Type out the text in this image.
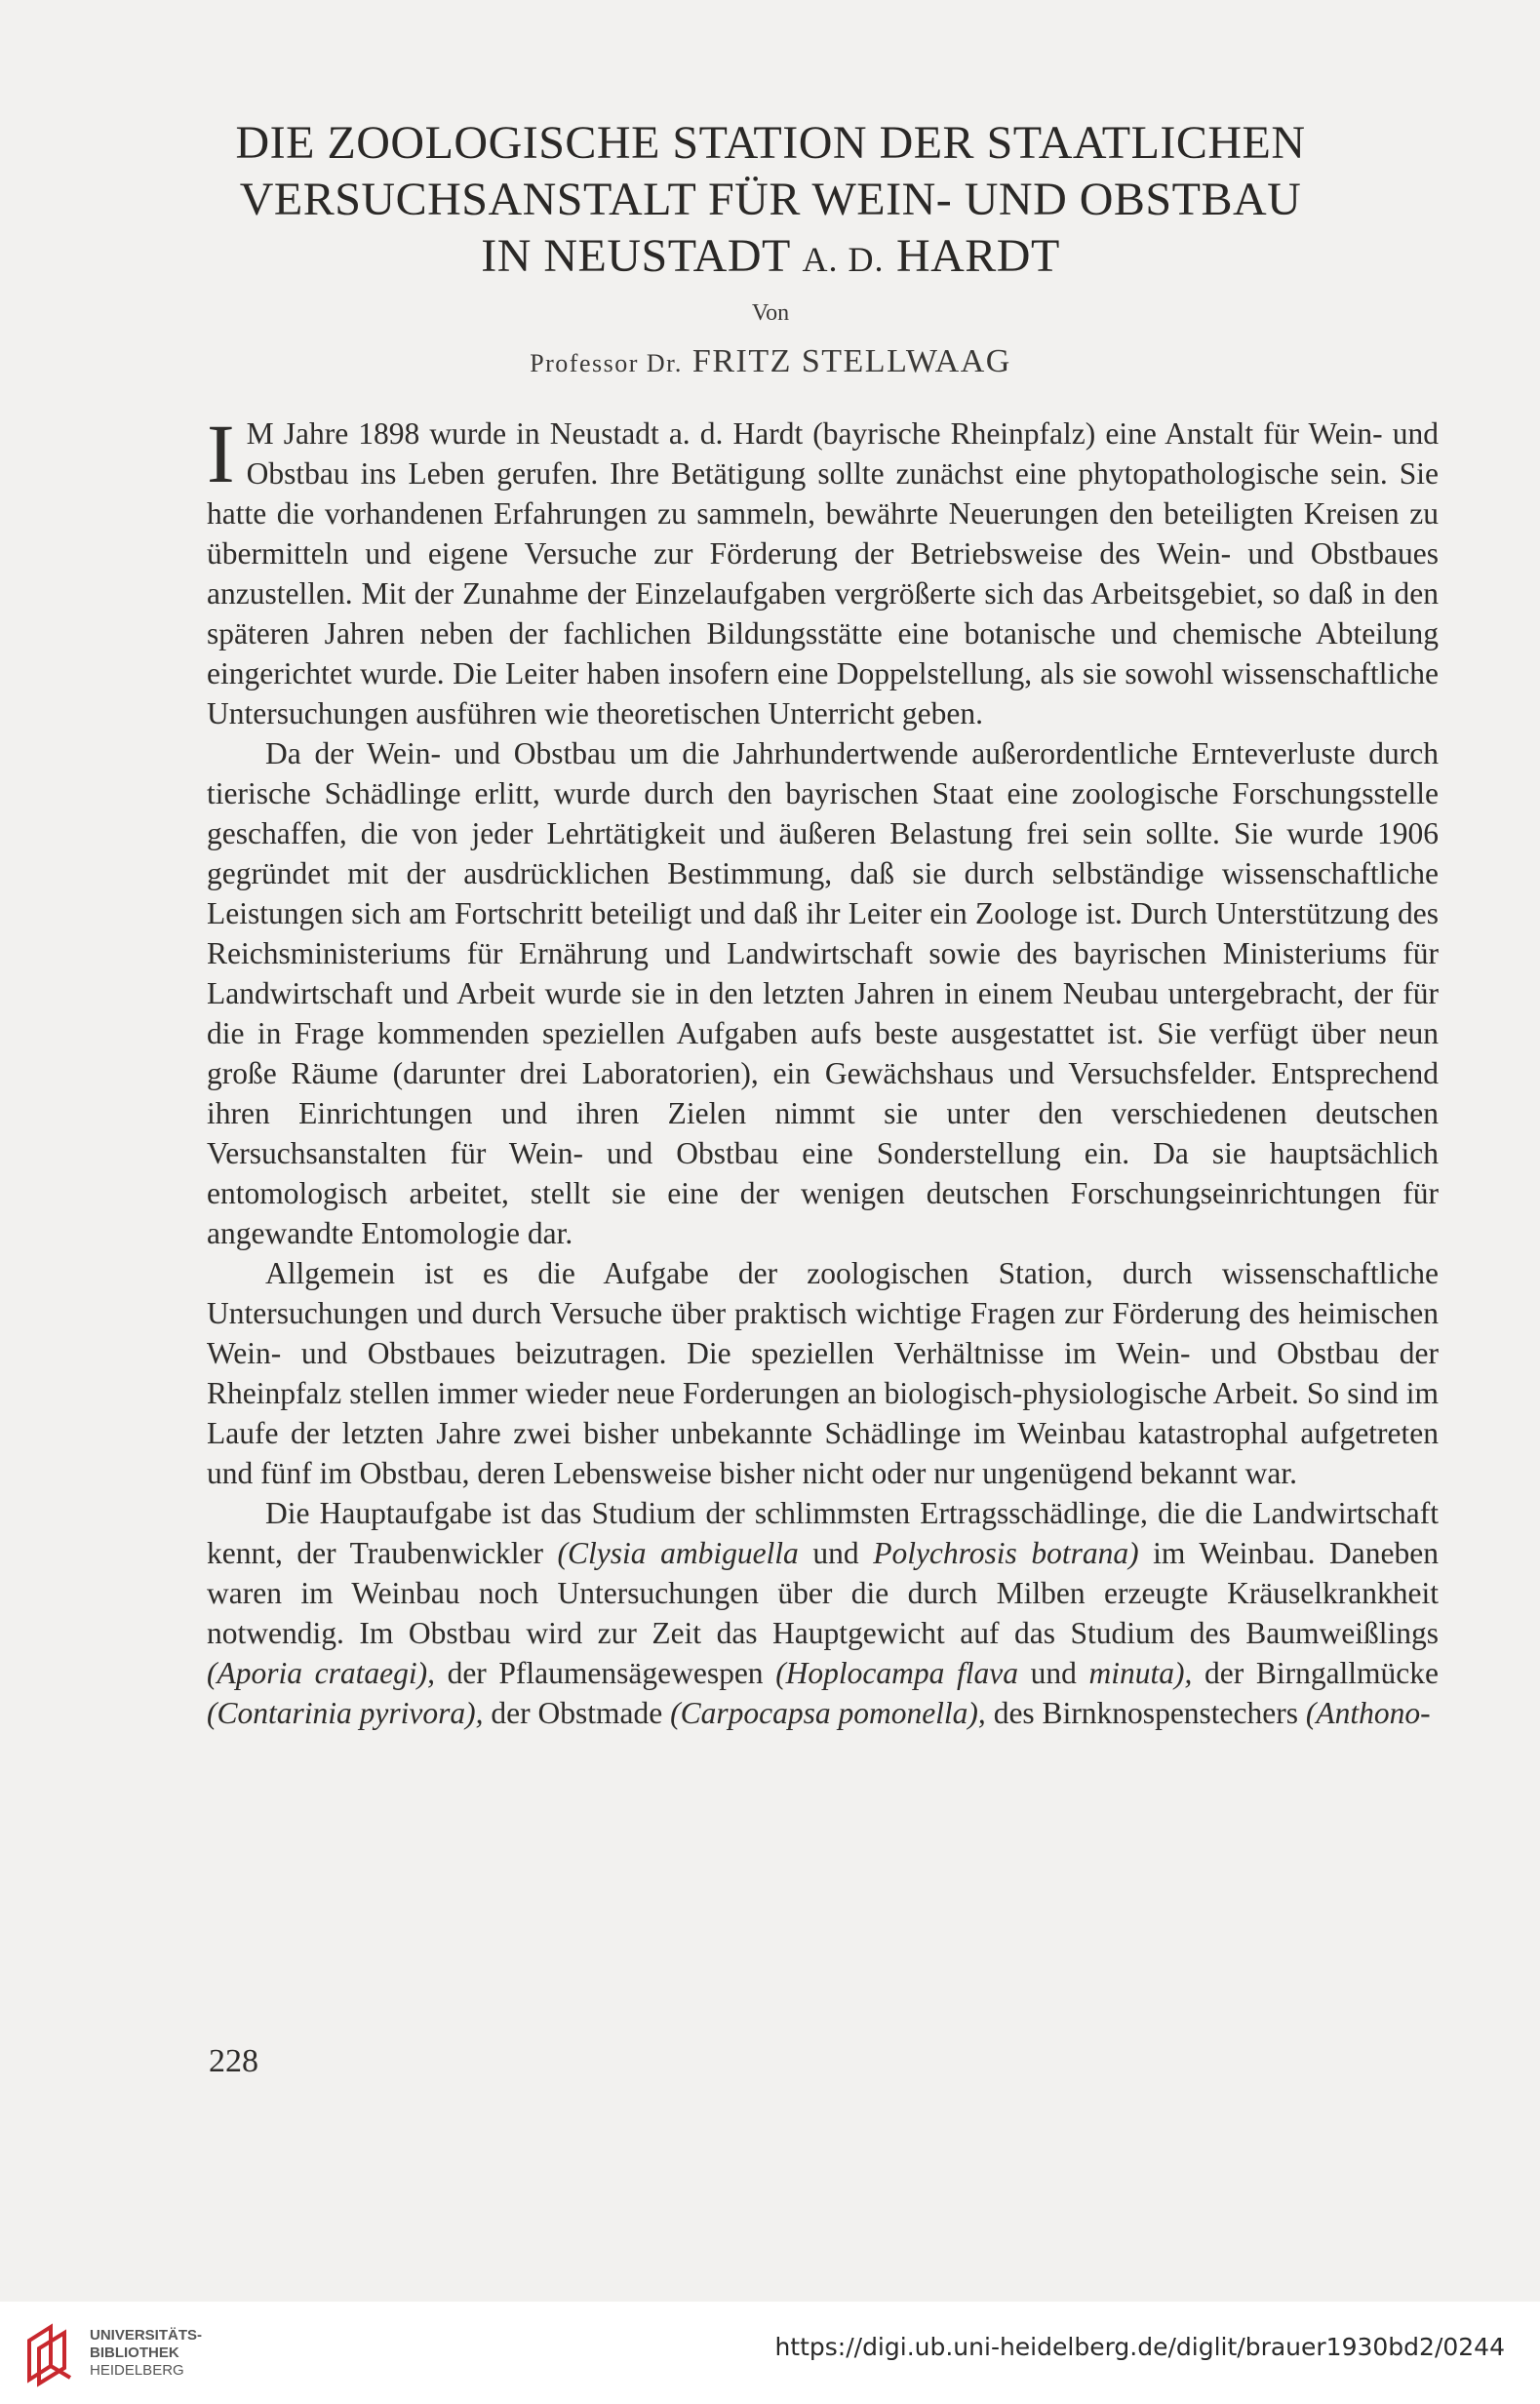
DIE ZOOLOGISCHE STATION DER STAATLICHEN
VERSUCHSANSTALT FÜR WEIN- UND OBSTBAU
IN NEUSTADT A. D. HARDT
Von
Professor Dr. FRITZ STELLWAAG

I M Jahre 1898 wurde in Neustadt a. d. Hardt (bayrische Rheinpfalz) eine Anstalt für Wein- und Obstbau ins Leben gerufen. Ihre Betätigung sollte zunächst eine phytopathologische sein. Sie hatte die vorhandenen Erfahrungen zu sammeln, bewährte Neuerungen den beteiligten Kreisen zu übermitteln und eigene Versuche zur Förderung der Betriebsweise des Wein- und Obstbaues anzustellen. Mit der Zunahme der Einzelaufgaben vergrößerte sich das Arbeitsgebiet, so daß in den späteren Jahren neben der fachlichen Bildungsstätte eine botanische und chemische Abteilung eingerichtet wurde. Die Leiter haben insofern eine Doppelstellung, als sie sowohl wissenschaftliche Untersuchungen ausführen wie theoretischen Unterricht geben.

Da der Wein- und Obstbau um die Jahrhundertwende außerordentliche Ernteverluste durch tierische Schädlinge erlitt, wurde durch den bayrischen Staat eine zoologische Forschungsstelle geschaffen, die von jeder Lehrtätigkeit und äußeren Belastung frei sein sollte. Sie wurde 1906 gegründet mit der ausdrücklichen Bestimmung, daß sie durch selbständige wissenschaftliche Leistungen sich am Fortschritt beteiligt und daß ihr Leiter ein Zoologe ist. Durch Unterstützung des Reichsministeriums für Ernährung und Landwirtschaft sowie des bayrischen Ministeriums für Landwirtschaft und Arbeit wurde sie in den letzten Jahren in einem Neubau untergebracht, der für die in Frage kommenden speziellen Aufgaben aufs beste ausgestattet ist. Sie verfügt über neun große Räume (darunter drei Laboratorien), ein Gewächshaus und Versuchsfelder. Entsprechend ihren Einrichtungen und ihren Zielen nimmt sie unter den verschiedenen deutschen Versuchsanstalten für Wein- und Obstbau eine Sonderstellung ein. Da sie hauptsächlich entomologisch arbeitet, stellt sie eine der wenigen deutschen Forschungseinrichtungen für angewandte Entomologie dar.

Allgemein ist es die Aufgabe der zoologischen Station, durch wissenschaftliche Untersuchungen und durch Versuche über praktisch wichtige Fragen zur Förderung des heimischen Wein- und Obstbaues beizutragen. Die speziellen Verhältnisse im Wein- und Obstbau der Rheinpfalz stellen immer wieder neue Forderungen an biologisch-physiologische Arbeit. So sind im Laufe der letzten Jahre zwei bisher unbekannte Schädlinge im Weinbau katastrophal aufgetreten und fünf im Obstbau, deren Lebensweise bisher nicht oder nur ungenügend bekannt war.

Die Hauptaufgabe ist das Studium der schlimmsten Ertragsschädlinge, die die Landwirtschaft kennt, der Traubenwickler (Clysia ambiguella und Polychrosis botrana) im Weinbau. Daneben waren im Weinbau noch Untersuchungen über die durch Milben erzeugte Kräuselkrankheit notwendig. Im Obstbau wird zur Zeit das Hauptgewicht auf das Studium des Baumweißlings (Aporia crataegi), der Pflaumensägewespen (Hoplocampa flava und minuta), der Birngallmücke (Contarinia pyrivora), der Obstmade (Carpocapsa pomonella), des Birnknospenstechers (Anthono-

228
UNIVERSITÄTS-
BIBLIOTHEK
HEIDELBERG
https://digi.ub.uni-heidelberg.de/diglit/brauer1930bd2/0244
